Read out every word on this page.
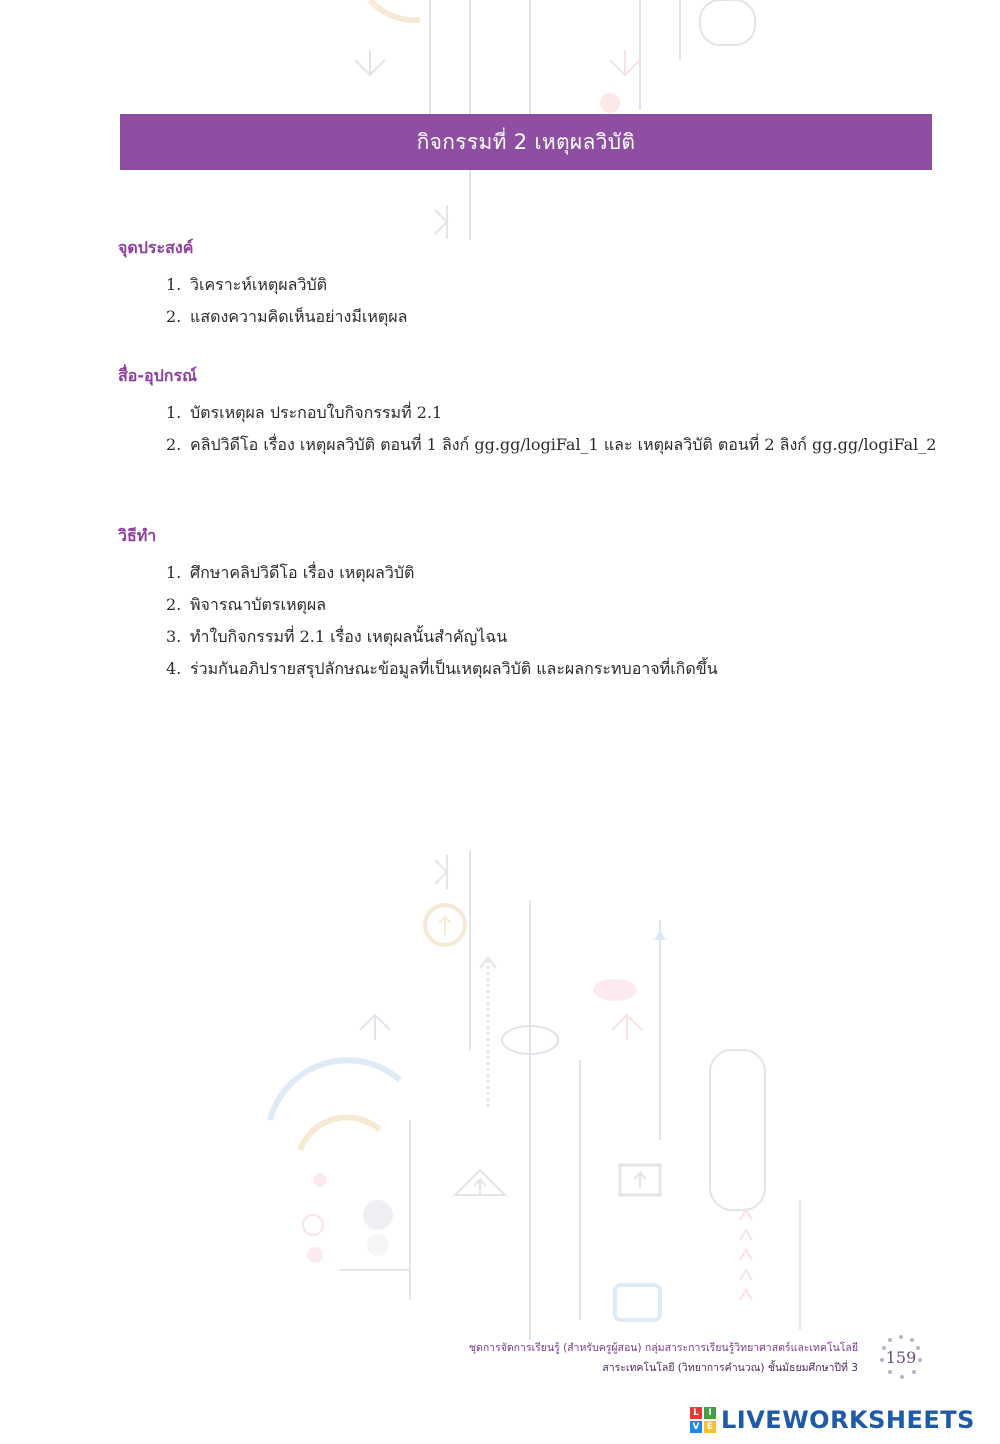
กิจกรรมที่ 2 เหตุผลวิบัติ
จุดประสงค์
1. วิเคราะห์เหตุผลวิบัติ
2. แสดงความคิดเห็นอย่างมีเหตุผล
สื่อ-อุปกรณ์
1. บัตรเหตุผล ประกอบใบกิจกรรมที่ 2.1
2. คลิปวิดีโอ เรื่อง เหตุผลวิบัติ ตอนที่ 1 ลิงก์ gg.gg/logiFal_1 และ เหตุผลวิบัติ ตอนที่ 2 ลิงก์ gg.gg/logiFal_2
วิธีทำ
1. ศึกษาคลิปวิดีโอ เรื่อง เหตุผลวิบัติ
2. พิจารณาบัตรเหตุผล
3. ทำใบกิจกรรมที่ 2.1 เรื่อง เหตุผลนั้นสำคัญไฉน
4. ร่วมกันอภิปรายสรุปลักษณะข้อมูลที่เป็นเหตุผลวิบัติ และผลกระทบอาจที่เกิดขึ้น
ชุดการจัดการเรียนรู้ (สำหรับครูผู้สอน) กลุ่มสาระการเรียนรู้วิทยาศาสตร์และเทคโนโลยี
สาระเทคโนโลยี (วิทยาการคำนวณ) ชั้นมัธยมศึกษาปีที่ 3
159
L	I
V E LIVEWORKSHEETS
